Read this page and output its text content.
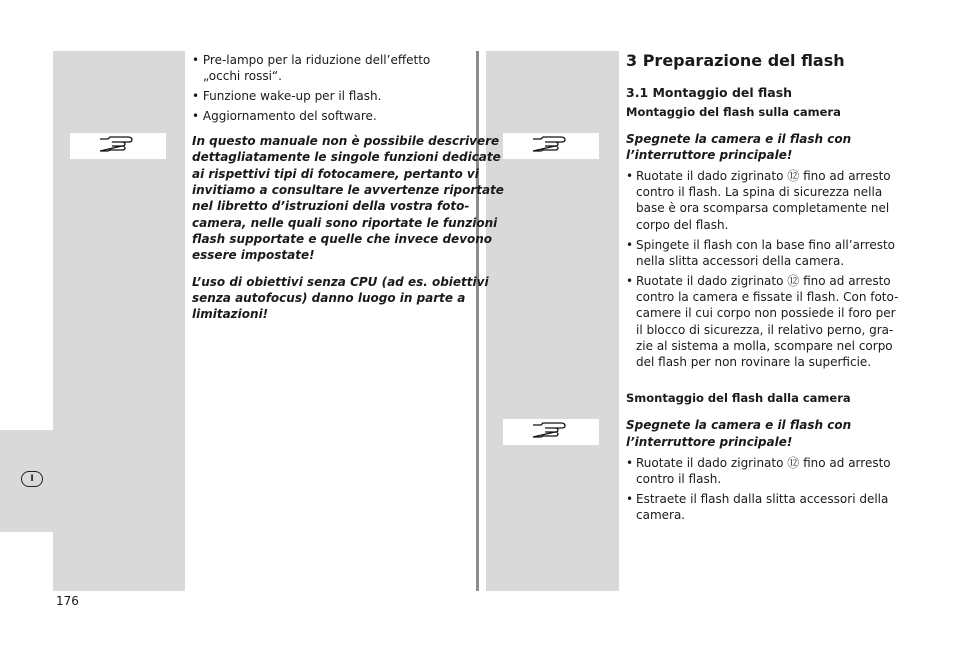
I
• Pre-lampo per la riduzione dell’effetto
„occhi rossi“.
• Funzione wake-up per il flash.
• Aggiornamento del software.
In questo manuale non è possibile descrivere
dettagliatamente le singole funzioni dedicate
ai rispettivi tipi di fotocamere, pertanto vi
invitiamo a consultare le avvertenze riportate
nel libretto d’istruzioni della vostra foto-
camera, nelle quali sono riportate le funzioni
flash supportate e quelle che invece devono
essere impostate!
L’uso di obiettivi senza CPU (ad es. obiettivi
senza autofocus) danno luogo in parte a
limitazioni!
3 Preparazione del flash
3.1 Montaggio del flash
Montaggio del flash sulla camera
Spegnete la camera e il flash con
l’interruttore principale!
• Ruotate il dado zigrinato ⑫ fino ad arresto
contro il flash. La spina di sicurezza nella
base è ora scomparsa completamente nel
corpo del flash.
• Spingete il flash con la base fino all’arresto
nella slitta accessori della camera.
• Ruotate il dado zigrinato ⑫ fino ad arresto
contro la camera e fissate il flash. Con foto-
camere il cui corpo non possiede il foro per
il blocco di sicurezza, il relativo perno, gra-
zie al sistema a molla, scompare nel corpo
del flash per non rovinare la superficie.
Smontaggio del flash dalla camera
Spegnete la camera e il flash con
l’interruttore principale!
• Ruotate il dado zigrinato ⑫ fino ad arresto
contro il flash.
• Estraete il flash dalla slitta accessori della
camera.
176
